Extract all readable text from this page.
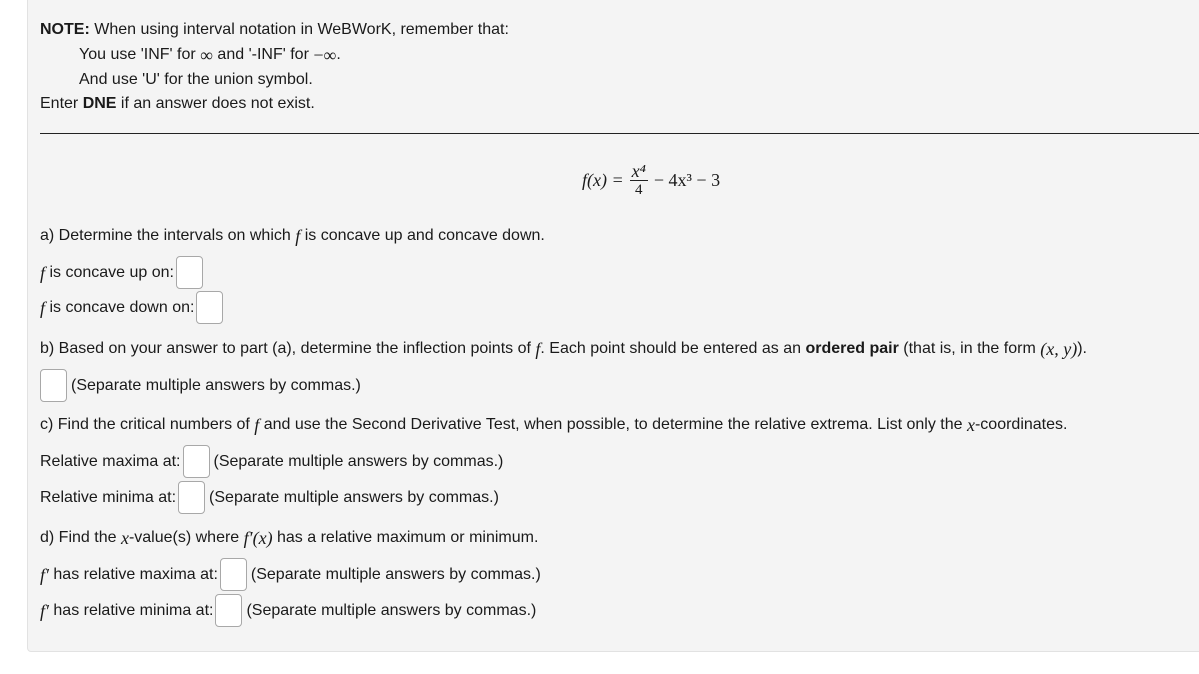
NOTE: When using interval notation in WeBWorK, remember that:
You use 'INF' for ∞ and '-INF' for −∞ .
And use 'U' for the union symbol.
Enter DNE if an answer does not exist.
$f(x) = \frac{\text{x⁴}}{4} - 4x^3 - 3$
a) Determine the intervals on which f is concave up and concave down.
f is concave up on:
f is concave down on:
b) Based on your answer to part (a), determine the inflection points of f . Each point should be entered as an ordered pair (that is, in the form (x, y) ).
(Separate multiple answers by commas.)
c) Find the critical numbers of f and use the Second Derivative Test, when possible, to determine the relative extrema. List only the x -coordinates.
Relative maxima at: (Separate multiple answers by commas.)
Relative minima at: (Separate multiple answers by commas.)
d) Find the x -value(s) where f′(x) has a relative maximum or minimum.
f′ has relative maxima at: (Separate multiple answers by commas.)
f′ has relative minima at: (Separate multiple answers by commas.)
